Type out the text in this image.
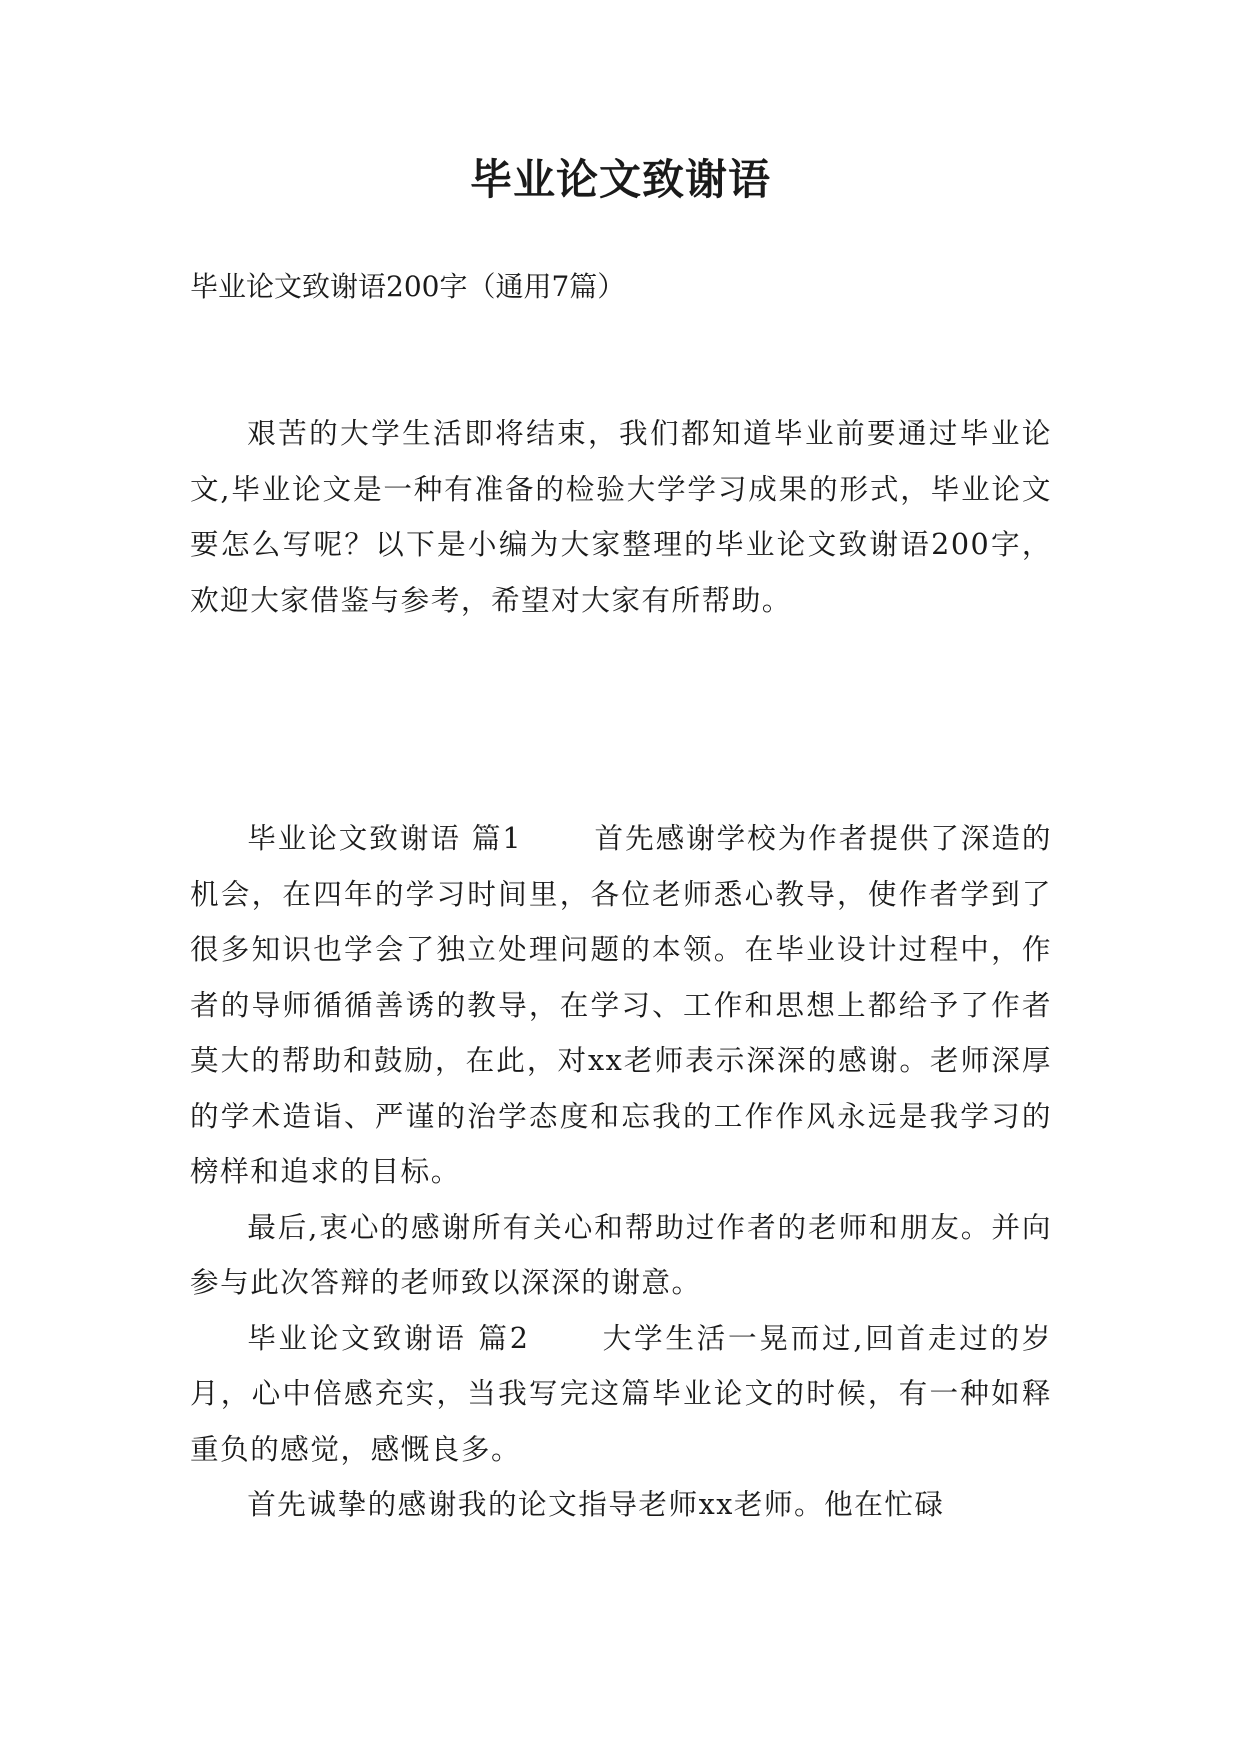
毕业论文致谢语
毕业论文致谢语200字（通用7篇）

艰苦的大学生活即将结束，我们都知道毕业前要通过毕业论文,毕业论文是一种有准备的检验大学学习成果的形式，毕业论文要怎么写呢？以下是小编为大家整理的毕业论文致谢语200字，欢迎大家借鉴与参考，希望对大家有所帮助。

毕业论文致谢语 篇1	首先感谢学校为作者提供了深造的机会，在四年的学习时间里，各位老师悉心教导，使作者学到了很多知识也学会了独立处理问题的本领。在毕业设计过程中，作者的导师循循善诱的教导，在学习、工作和思想上都给予了作者莫大的帮助和鼓励，在此，对xx老师表示深深的感谢。老师深厚的学术造诣、严谨的治学态度和忘我的工作作风永远是我学习的榜样和追求的目标。

最后,衷心的感谢所有关心和帮助过作者的老师和朋友。并向参与此次答辩的老师致以深深的谢意。

毕业论文致谢语 篇2	大学生活一晃而过,回首走过的岁月，心中倍感充实，当我写完这篇毕业论文的时候，有一种如释重负的感觉，感慨良多。

首先诚挚的感谢我的论文指导老师xx老师。他在忙碌
